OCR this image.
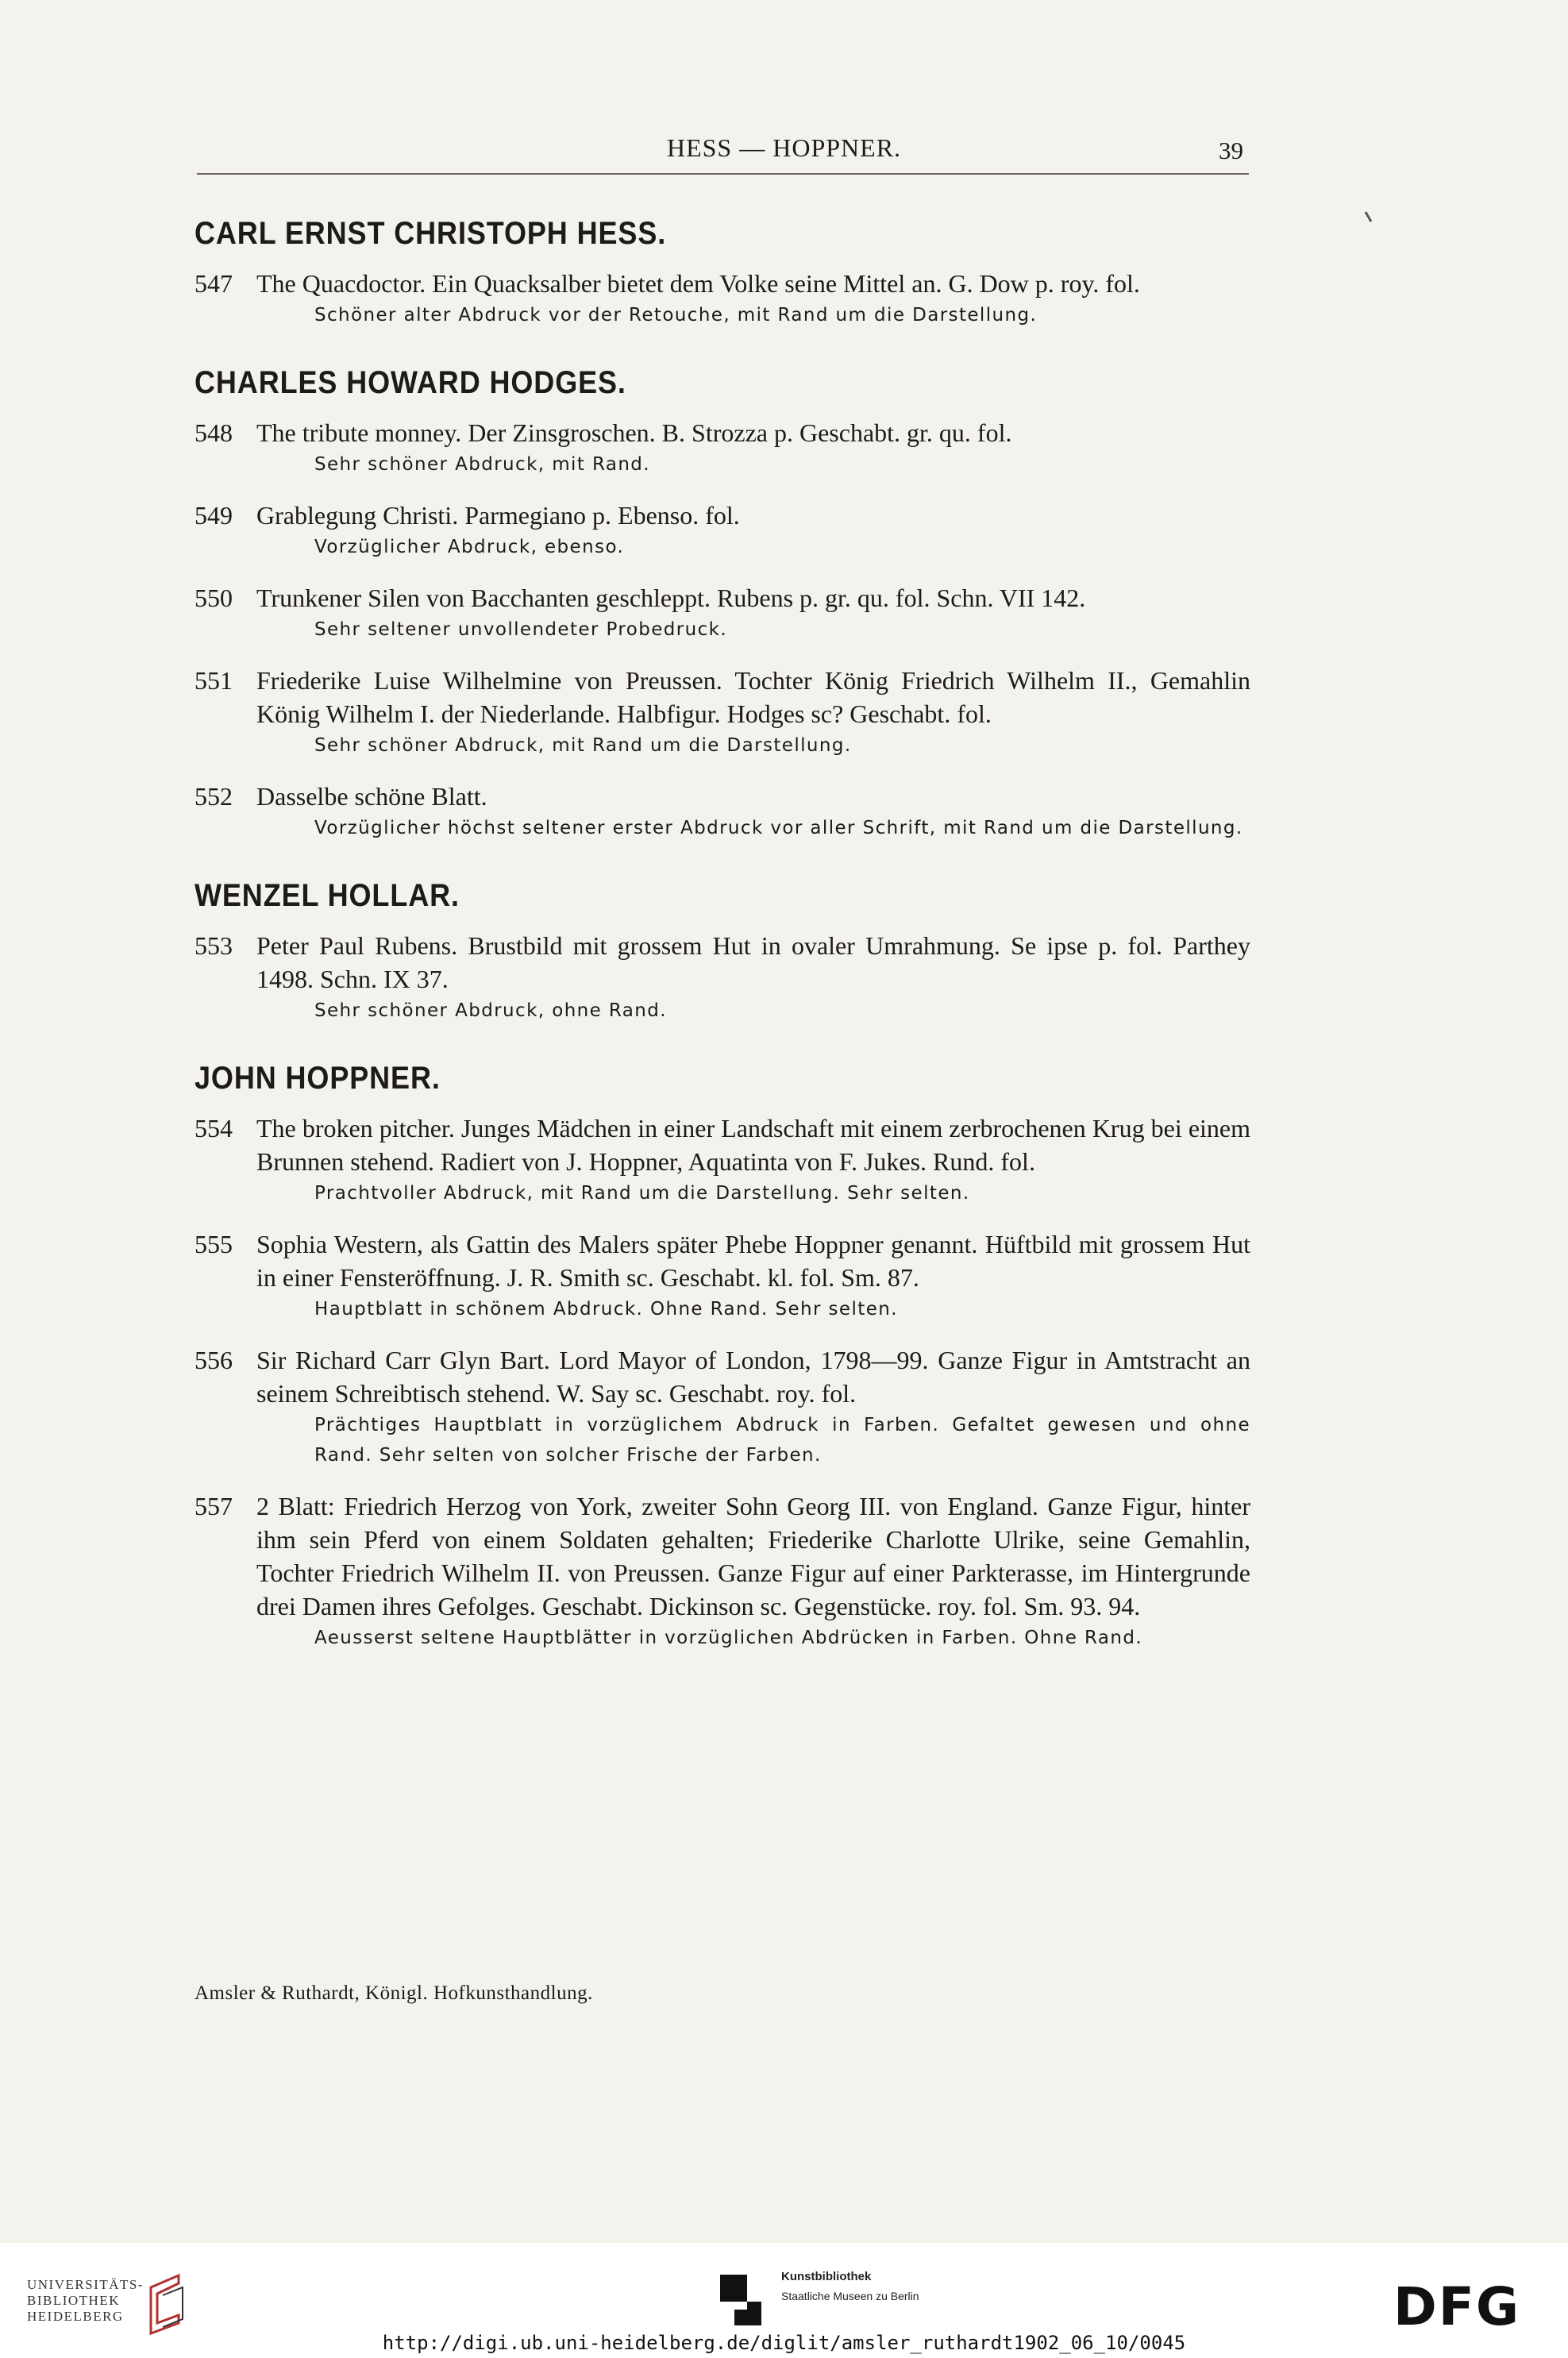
HESS — HOPPNER.	39
CARL ERNST CHRISTOPH HESS.
547 The Quacdoctor. Ein Quacksalber bietet dem Volke seine Mittel an. G. Dow p. roy. fol.
Schöner alter Abdruck vor der Retouche, mit Rand um die Darstellung.
CHARLES HOWARD HODGES.
548 The tribute monney. Der Zinsgroschen. B. Strozza p. Geschabt. gr. qu. fol.
Sehr schöner Abdruck, mit Rand.
549 Grablegung Christi. Parmegiano p. Ebenso. fol.
Vorzüglicher Abdruck, ebenso.
550 Trunkener Silen von Bacchanten geschleppt. Rubens p. gr. qu. fol. Schn. VII 142.
Sehr seltener unvollendeter Probedruck.
551 Friederike Luise Wilhelmine von Preussen. Tochter König Friedrich Wilhelm II., Gemahlin König Wilhelm I. der Niederlande. Halbfigur. Hodges sc? Geschabt. fol.
Sehr schöner Abdruck, mit Rand um die Darstellung.
552 Dasselbe schöne Blatt.
Vorzüglicher höchst seltener erster Abdruck vor aller Schrift, mit Rand um die Darstellung.
WENZEL HOLLAR.
553 Peter Paul Rubens. Brustbild mit grossem Hut in ovaler Umrahmung. Se ipse p. fol. Parthey 1498. Schn. IX 37.
Sehr schöner Abdruck, ohne Rand.
JOHN HOPPNER.
554 The broken pitcher. Junges Mädchen in einer Landschaft mit einem zerbrochenen Krug bei einem Brunnen stehend. Radiert von J. Hoppner, Aquatinta von F. Jukes. Rund. fol.
Prachtvoller Abdruck, mit Rand um die Darstellung. Sehr selten.
555 Sophia Western, als Gattin des Malers später Phebe Hoppner genannt. Hüftbild mit grossem Hut in einer Fensteröffnung. J. R. Smith sc. Geschabt. kl. fol. Sm. 87.
Hauptblatt in schönem Abdruck. Ohne Rand. Sehr selten.
556 Sir Richard Carr Glyn Bart. Lord Mayor of London, 1798—99. Ganze Figur in Amtstracht an seinem Schreibtisch stehend. W. Say sc. Geschabt. roy. fol.
Prächtiges Hauptblatt in vorzüglichem Abdruck in Farben. Gefaltet gewesen und ohne Rand. Sehr selten von solcher Frische der Farben.
557 2 Blatt: Friedrich Herzog von York, zweiter Sohn Georg III. von England. Ganze Figur, hinter ihm sein Pferd von einem Soldaten gehalten; Friederike Charlotte Ulrike, seine Gemahlin, Tochter Friedrich Wilhelm II. von Preussen. Ganze Figur auf einer Parkterasse, im Hintergrunde drei Damen ihres Gefolges. Geschabt. Dickinson sc. Gegenstücke. roy. fol. Sm. 93. 94.
Aeusserst seltene Hauptblätter in vorzüglichen Abdrücken in Farben. Ohne Rand.
Amsler & Ruthardt, Königl. Hofkunsthandlung.
UNIVERSITÄTS-
BIBLIOTHEK
HEIDELBERG
Kunstbibliothek
Staatliche Museen zu Berlin	DFG
http://digi.ub.uni-heidelberg.de/diglit/amsler_ruthardt1902_06_10/0045
